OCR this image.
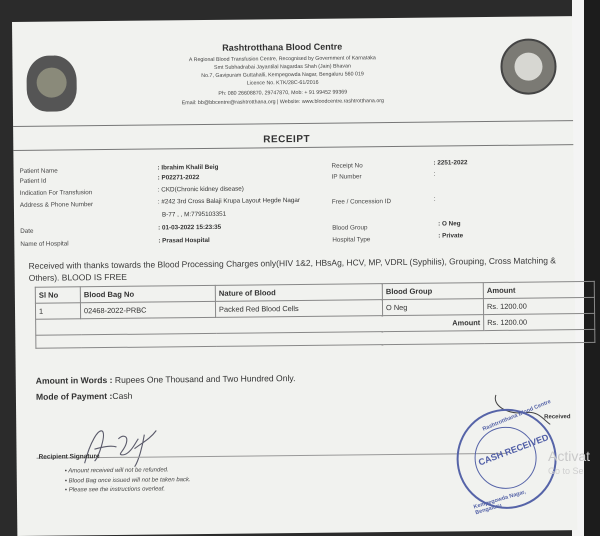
Rashtrotthana Blood Centre
A Regional Blood Transfusion Centre, Recognised by Government of Karnataka
Smt Subhadrabai Jayantilal Nagardas Shah (Jain) Bhavan
No.7, Gavipuram Guttahalli, Kempegowda Nagar, Bengaluru 560 019
Licence No. KTK/28C-61/2016
Ph: 080 26608870, 29747870, Mob: + 91 99452 99369
Email: bb@bbcentre@rashtrotthana.org | Website: www.bloodcentre.rashtrotthana.org
RECEIPT
Patient Name	: Ibrahim Khalil Beig
Patient Id	: P02271-2022
Indication For Transfusion	: CKD(Chronic kidney disease)
Address & Phone Number	: #242 3rd Cross Balaji Krupa Layout Hegde Nagar
B-77 , , M:7795103351
Date	: 01-03-2022 15:23:35
Name of Hospital	: Prasad Hospital
Receipt No	: 2251-2022
IP Number	:
Free / Concession ID	:
Blood Group
: O Neg
Hospital Type
: Private
Received with thanks towards the Blood Processing Charges only(HIV 1&2, HBsAg, HCV, MP, VDRL (Syphilis), Grouping, Cross Matching & Others). BLOOD IS FREE
Sl No	Blood Bag No	Nature of Blood	Blood Group	Amount
1	02468-2022-PRBC	Packed Red Blood Cells	O Neg	Rs. 1200.00
Amount				Rs. 1200.00

Amount in Words : Rupees One Thousand and Two Hundred Only.
Mode of Payment :Cash
Recipient Signature
• Amount received will not be refunded.
• Blood Bag once issued will not be taken back.
• Please see the instructions overleaf.
Received
CASH RECEIVED
Rashtrotthana Blood Centre
Kempegowda Nagar, Bengaluru
Activat
Go to Se
